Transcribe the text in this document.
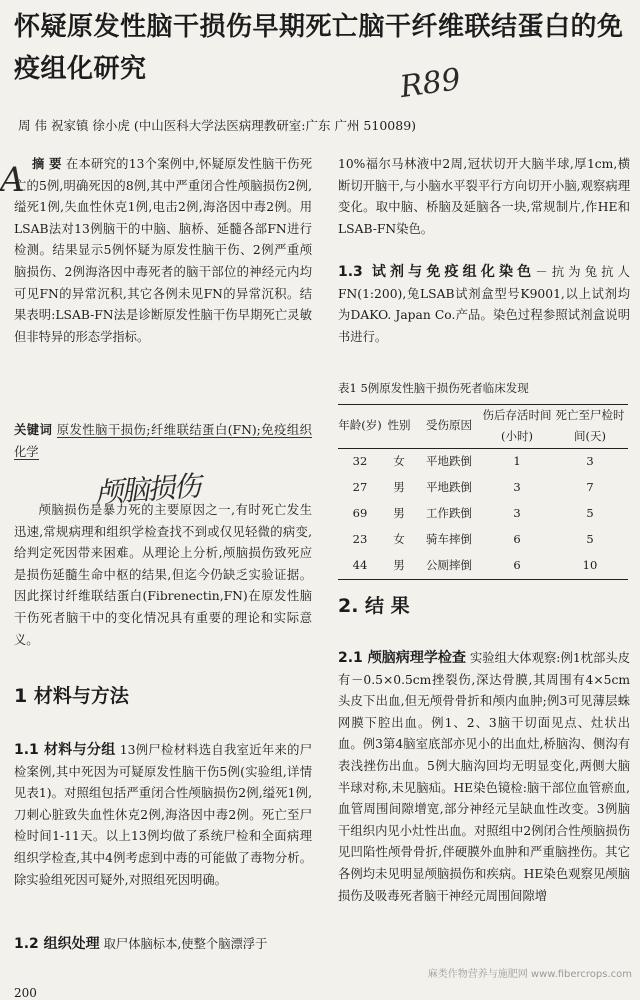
怀疑原发性脑干损伤早期死亡脑干纤维联结蛋白的免疫组化研究	R89
A
颅脑损伤
周 伟 祝家镇 徐小虎 (中山医科大学法医病理教研室:广东 广州 510089)

摘 要 在本研究的13个案例中,怀疑原发性脑干伤死亡的5例,明确死因的8例,其中严重闭合性颅脑损伤2例,缢死1例,失血性休克1例,电击2例,海洛因中毒2例。用LSAB法对13例脑干的中脑、脑桥、延髓各部FN进行检测。结果显示5例怀疑为原发性脑干伤、2例严重颅脑损伤、2例海洛因中毒死者的脑干部位的神经元内均可见FN的异常沉积,其它各例未见FN的异常沉积。结果表明:LSAB-FN法是诊断原发性脑干伤早期死亡灵敏但非特异的形态学指标。

关键词 原发性脑干损伤;纤维联结蛋白(FN);免疫组织化学

颅脑损伤是暴力死的主要原因之一,有时死亡发生迅速,常规病理和组织学检查找不到或仅见轻微的病变,给判定死因带来困难。从理论上分析,颅脑损伤致死应是损伤延髓生命中枢的结果,但迄今仍缺乏实验证据。因此探讨纤维联结蛋白(Fibrenectin,FN)在原发性脑干伤死者脑干中的变化情况具有重要的理论和实际意义。

1 材料与方法

1.1 材料与分组 13例尸检材料选自我室近年来的尸检案例,其中死因为可疑原发性脑干伤5例(实验组,详情见表1)。对照组包括严重闭合性颅脑损伤2例,缢死1例,刀刺心脏致失血性休克2例,海洛因中毒2例。死亡至尸检时间1-11天。以上13例均做了系统尸检和全面病理组织学检查,其中4例考虑到中毒的可能做了毒物分析。除实验组死因可疑外,对照组死因明确。

1.2 组织处理 取尸体脑标本,使整个脑漂浮于

10%福尔马林液中2周,冠状切开大脑半球,厚1cm,横断切开脑干,与小脑水平裂平行方向切开小脑,观察病理变化。取中脑、桥脑及延脑各一块,常规制片,作HE和LSAB-FN染色。

1.3 试剂与免疫组化染色－抗为兔抗人FN(1:200),兔LSAB试剂盒型号K9001,以上试剂均为DAKO. Japan Co.产品。染色过程参照试剂盒说明书进行。

表1 5例原发性脑干损伤死者临床发现
年龄(岁)	性别	受伤原因	伤后存活时间(小时)	死亡至尸检时间(天)
32	女	平地跌倒	1	3
27	男	平地跌倒	3	7
69	男	工作跌倒	3	5
23	女	骑车摔倒	6	5
44	男	公厕摔倒	6	10
2. 结 果

2.1 颅脑病理学检查 实验组大体观察:例1枕部头皮有－0.5×0.5cm挫裂伤,深达骨膜,其周围有4×5cm头皮下出血,但无颅骨骨折和颅内血肿;例3可见薄层蛛网膜下腔出血。例1、2、3脑干切面见点、灶状出血。例3第4脑室底部亦见小的出血灶,桥脑沟、侧沟有表浅挫伤出血。5例大脑沟回均无明显变化,两侧大脑半球对称,未见脑疝。HE染色镜检:脑干部位血管瘀血,血管周围间隙增宽,部分神经元呈缺血性改变。3例脑干组织内见小灶性出血。对照组中2例闭合性颅脑损伤见凹陷性颅骨骨折,伴硬膜外血肿和严重脑挫伤。其它各例均未见明显颅脑损伤和疾病。HE染色观察见颅脑损伤及吸毒死者脑干神经元周围间隙增

200
麻类作物营养与施肥网 www.fibercrops.com
